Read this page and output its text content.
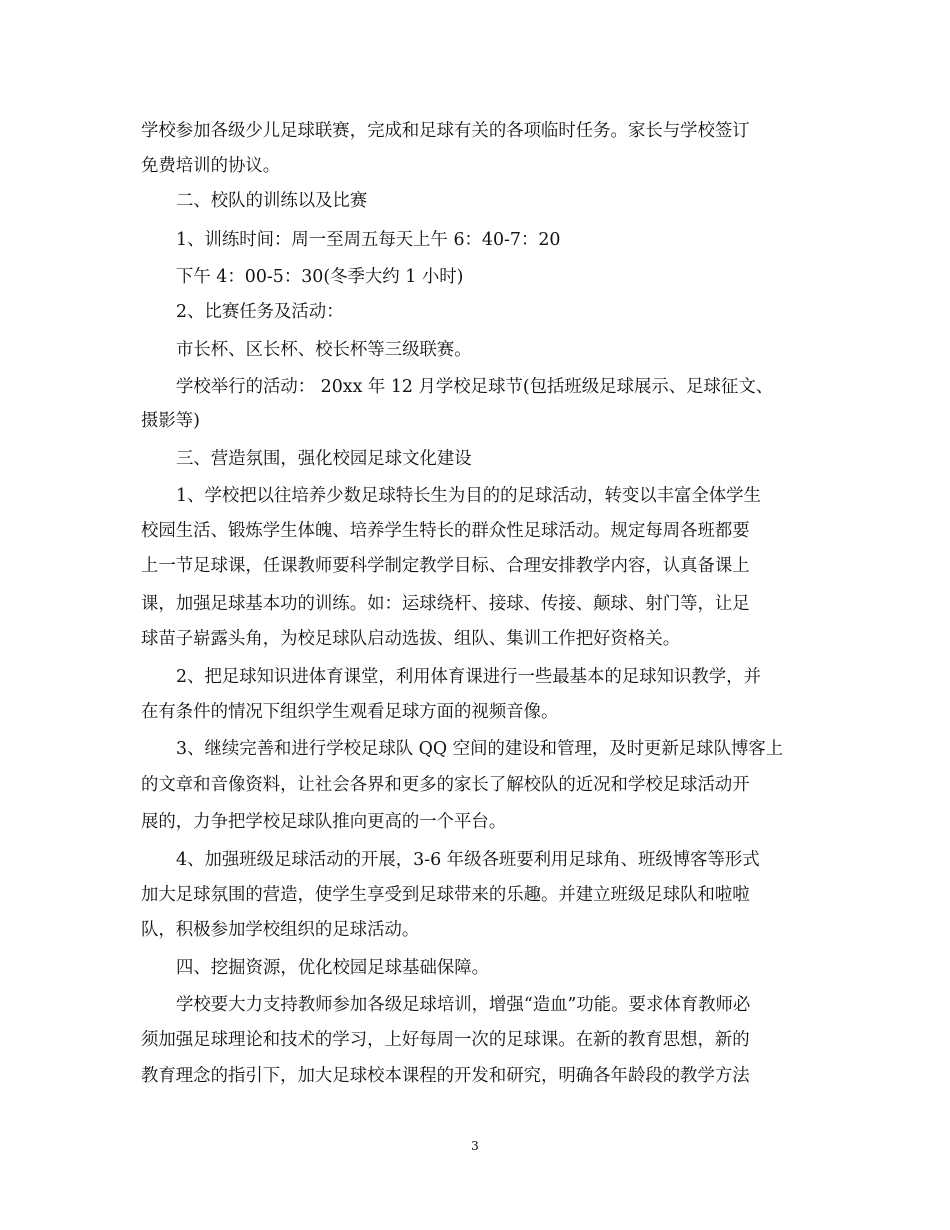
学校参加各级少儿足球联赛，完成和足球有关的各项临时任务。家长与学校签订

免费培训的协议。

二、校队的训练以及比赛

1、训练时间：周一至周五每天上午 6：40-7：20

下午 4：00-5：30(冬季大约 1 小时)

2、比赛任务及活动：

市长杯、区长杯、校长杯等三级联赛。

学校举行的活动： 20xx 年 12 月学校足球节(包括班级足球展示、足球征文、

摄影等)

三、营造氛围，强化校园足球文化建设

1、学校把以往培养少数足球特长生为目的的足球活动，转变以丰富全体学生

校园生活、锻炼学生体魄、培养学生特长的群众性足球活动。规定每周各班都要

上一节足球课，任课教师要科学制定教学目标、合理安排教学内容，认真备课上

课，加强足球基本功的训练。如：运球绕杆、接球、传接、颠球、射门等，让足

球苗子崭露头角，为校足球队启动选拔、组队、集训工作把好资格关。

2、把足球知识进体育课堂，利用体育课进行一些最基本的足球知识教学，并

在有条件的情况下组织学生观看足球方面的视频音像。

3、继续完善和进行学校足球队 QQ 空间的建设和管理，及时更新足球队博客上

的文章和音像资料，让社会各界和更多的家长了解校队的近况和学校足球活动开

展的，力争把学校足球队推向更高的一个平台。

4、加强班级足球活动的开展，3-6 年级各班要利用足球角、班级博客等形式

加大足球氛围的营造，使学生享受到足球带来的乐趣。并建立班级足球队和啦啦

队，积极参加学校组织的足球活动。

四、挖掘资源，优化校园足球基础保障。

学校要大力支持教师参加各级足球培训，增强“造血”功能。要求体育教师必

须加强足球理论和技术的学习，上好每周一次的足球课。在新的教育思想，新的

教育理念的指引下，加大足球校本课程的开发和研究，明确各年龄段的教学方法

3
